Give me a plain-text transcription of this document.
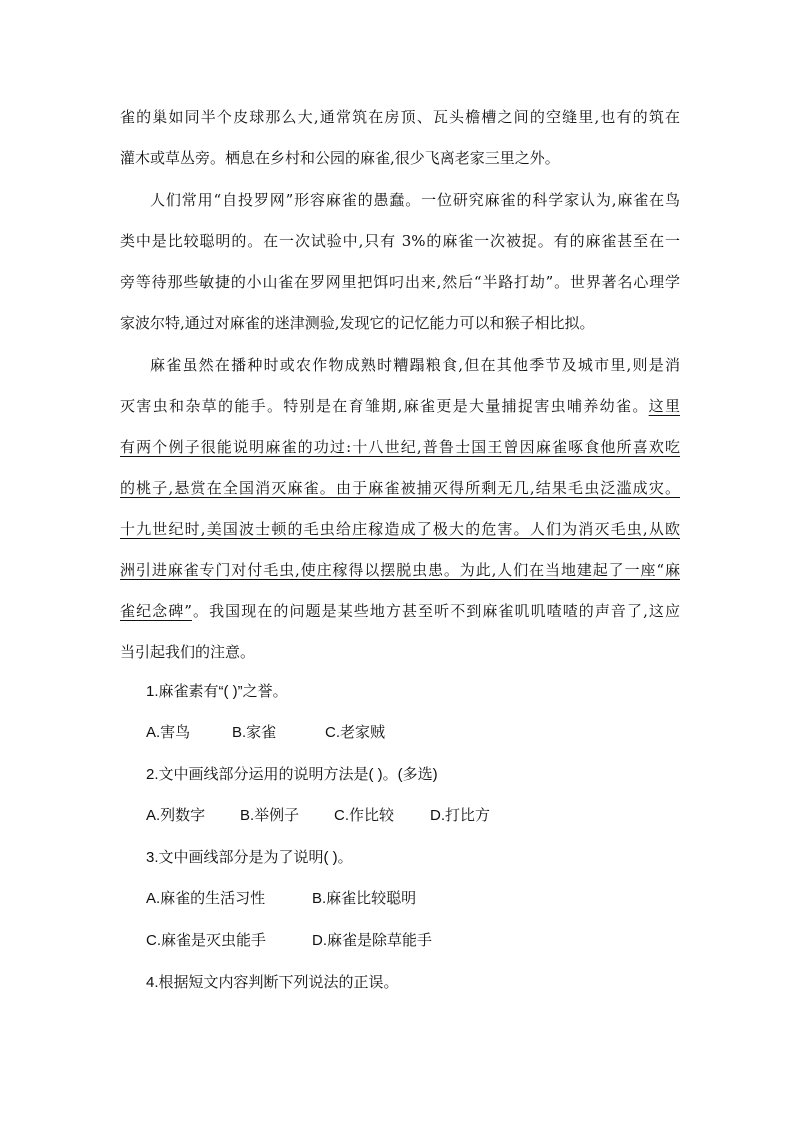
雀的巢如同半个皮球那么大,通常筑在房顶、瓦头檐槽之间的空缝里,也有的筑在
灌木或草丛旁。栖息在乡村和公园的麻雀,很少飞离老家三里之外。
人们常用“自投罗网”形容麻雀的愚蠢。一位研究麻雀的科学家认为,麻雀在鸟
类中是比较聪明的。在一次试验中,只有 3%的麻雀一次被捉。有的麻雀甚至在一
旁等待那些敏捷的小山雀在罗网里把饵叼出来,然后“半路打劫”。世界著名心理学
家波尔特,通过对麻雀的迷津测验,发现它的记忆能力可以和猴子相比拟。
麻雀虽然在播种时或农作物成熟时糟蹋粮食,但在其他季节及城市里,则是消
灭害虫和杂草的能手。特别是在育雏期,麻雀更是大量捕捉害虫哺养幼雀。这里
有两个例子很能说明麻雀的功过:十八世纪,普鲁士国王曾因麻雀啄食他所喜欢吃
的桃子,悬赏在全国消灭麻雀。由于麻雀被捕灭得所剩无几,结果毛虫泛滥成灾。
十九世纪时,美国波士顿的毛虫给庄稼造成了极大的危害。人们为消灭毛虫,从欧
洲引进麻雀专门对付毛虫,使庄稼得以摆脱虫患。为此,人们在当地建起了一座“麻
雀纪念碑”。我国现在的问题是某些地方甚至听不到麻雀叽叽喳喳的声音了,这应
当引起我们的注意。
1.麻雀素有“( )”之誉。
A.害鸟	B.家雀	C.老家贼
2.文中画线部分运用的说明方法是( )。(多选)
A.列数字 B.举例子 C.作比较 D.打比方
3.文中画线部分是为了说明( )。
A.麻雀的生活习性	B.麻雀比较聪明
C.麻雀是灭虫能手	D.麻雀是除草能手
4.根据短文内容判断下列说法的正误。
